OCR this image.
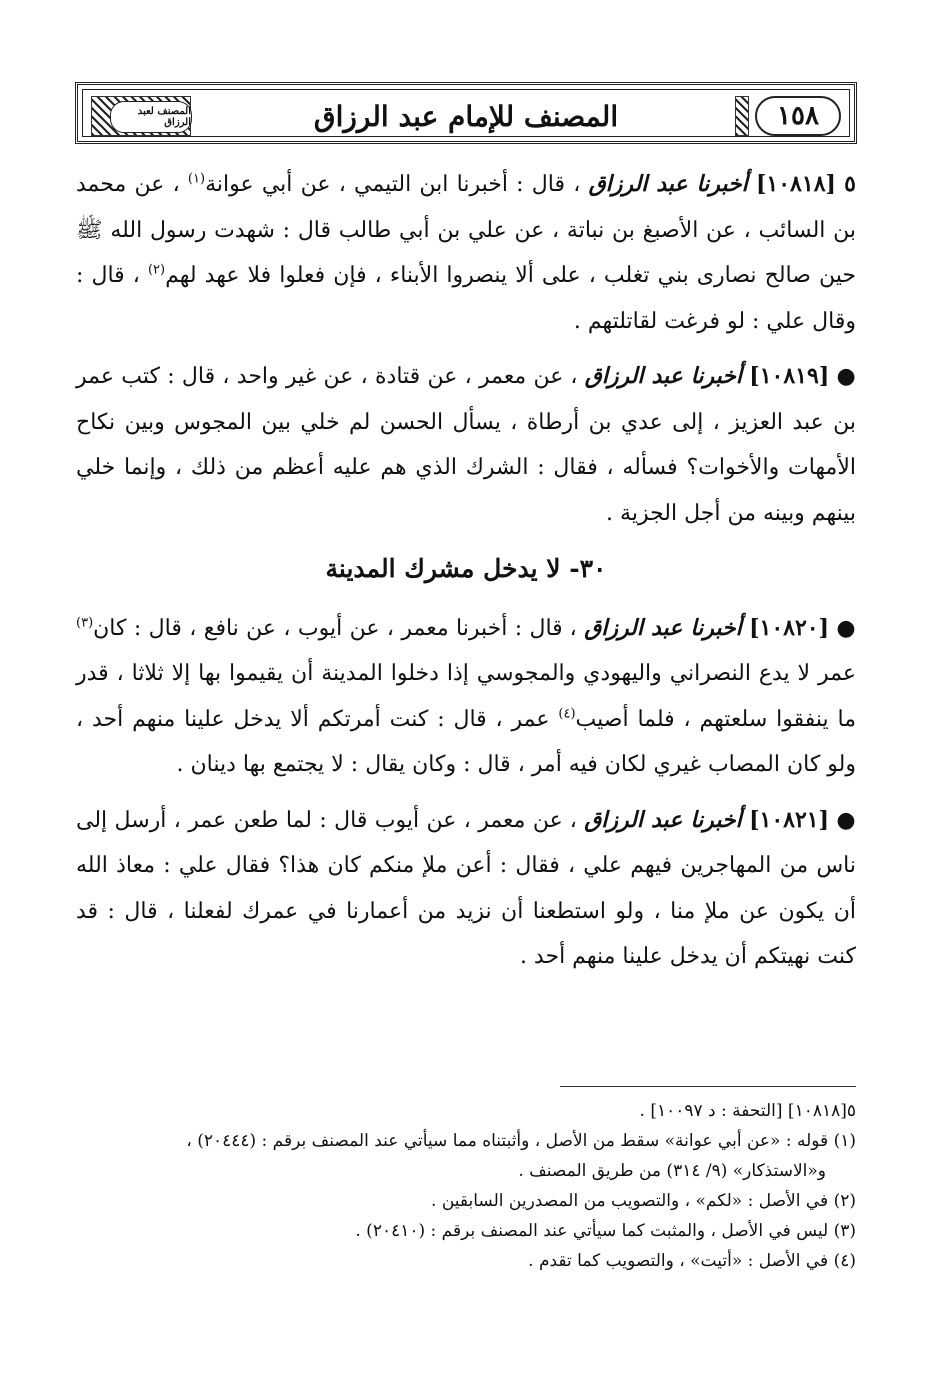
المصنف لعبد الرزاق	المصنف للإمام عبد الرزاق	١٥٨

٥ [١٠٨١٨] أخبرنا عبد الرزاق ، قال : أخبرنا ابن التيمي ، عن أبي عوانة$^{(١)}$ ، عن محمد بن السائب ، عن الأصبغ بن نباتة ، عن علي بن أبي طالب قال : شهدت رسول الله ﷺ حين صالح نصارى بني تغلب ، على ألا ينصروا الأبناء ، فإن فعلوا فلا عهد لهم$^{(٢)}$ ، قال : وقال علي : لو فرغت لقاتلتهم .

● [١٠٨١٩] أخبرنا عبد الرزاق ، عن معمر ، عن قتادة ، عن غير واحد ، قال : كتب عمر بن عبد العزيز ، إلى عدي بن أرطاة ، يسأل الحسن لم خلي بين المجوس وبين نكاح الأمهات والأخوات؟ فسأله ، فقال : الشرك الذي هم عليه أعظم من ذلك ، وإنما خلي بينهم وبينه من أجل الجزية .

٣٠- لا يدخل مشرك المدينة

● [١٠٨٢٠] أخبرنا عبد الرزاق ، قال : أخبرنا معمر ، عن أيوب ، عن نافع ، قال : كان$^{(٣)}$ عمر لا يدع النصراني واليهودي والمجوسي إذا دخلوا المدينة أن يقيموا بها إلا ثلاثا ، قدر ما ينفقوا سلعتهم ، فلما أصيب$^{(٤)}$ عمر ، قال : كنت أمرتكم ألا يدخل علينا منهم أحد ، ولو كان المصاب غيري لكان فيه أمر ، قال : وكان يقال : لا يجتمع بها دينان .

● [١٠٨٢١] أخبرنا عبد الرزاق ، عن معمر ، عن أيوب قال : لما طعن عمر ، أرسل إلى ناس من المهاجرين فيهم علي ، فقال : أعن ملإ منكم كان هذا؟ فقال علي : معاذ الله أن يكون عن ملإ منا ، ولو استطعنا أن نزيد من أعمارنا في عمرك لفعلنا ، قال : قد كنت نهيتكم أن يدخل علينا منهم أحد .

٥[١٠٨١٨] [التحفة : د ١٠٠٩٧] .

(١) قوله : «عن أبي عوانة» سقط من الأصل ، وأثبتناه مما سيأتي عند المصنف برقم : (٢٠٤٤٤) ،

و«الاستذكار» (٩/ ٣١٤) من طريق المصنف .

(٢) في الأصل : «لكم» ، والتصويب من المصدرين السابقين .

(٣) ليس في الأصل ، والمثبت كما سيأتي عند المصنف برقم : (٢٠٤١٠) .

(٤) في الأصل : «أتيت» ، والتصويب كما تقدم .
